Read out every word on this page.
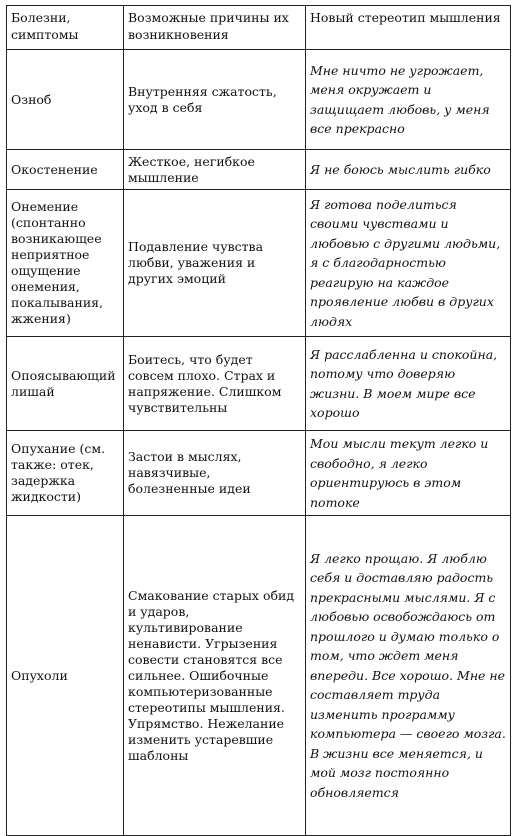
Болезни, симптомы	Возможные причины их возникновения	Новый стереотип мышления
Озноб	Внутренняя сжатость, уход в себя	Мне ничто не угрожает, меня окружает и защищает любовь, у меня все прекрасно
Окостенение	Жесткое, негибкое мышление	Я не боюсь мыслить гибко
Онемение (спонтанно возникающее неприятное ощущение онемения, покалывания, жжения)	Подавление чувства любви, уважения и других эмоций	Я готова поделиться своими чувствами и любовью с другими людьми, я с благодарностью реагирую на каждое проявление любви в других людях
Опоясывающий лишай	Боитесь, что будет совсем плохо. Страх и напряжение. Слишком чувствительны	Я расслабленна и спокойна, потому что доверяю жизни. В моем мире все хорошо
Опухание (см. также: отек, задержка жидкости)	Застои в мыслях, навязчивые, болезненные идеи	Мои мысли текут легко и свободно, я легко ориентируюсь в этом потоке
Опухоли	Смакование старых обид и ударов, культивирование ненависти. Угрызения совести становятся все сильнее. Ошибочные компьютеризованные стереотипы мышления. Упрямство. Нежелание изменить устаревшие шаблоны	Я легко прощаю. Я люблю себя и доставляю радость прекрасными мыслями. Я с любовью освобождаюсь от прошлого и думаю только о том, что ждет меня впереди. Все хорошо. Мне не составляет труда изменить программу компьютера — своего мозга. В жизни все меняется, и мой мозг постоянно обновляется
